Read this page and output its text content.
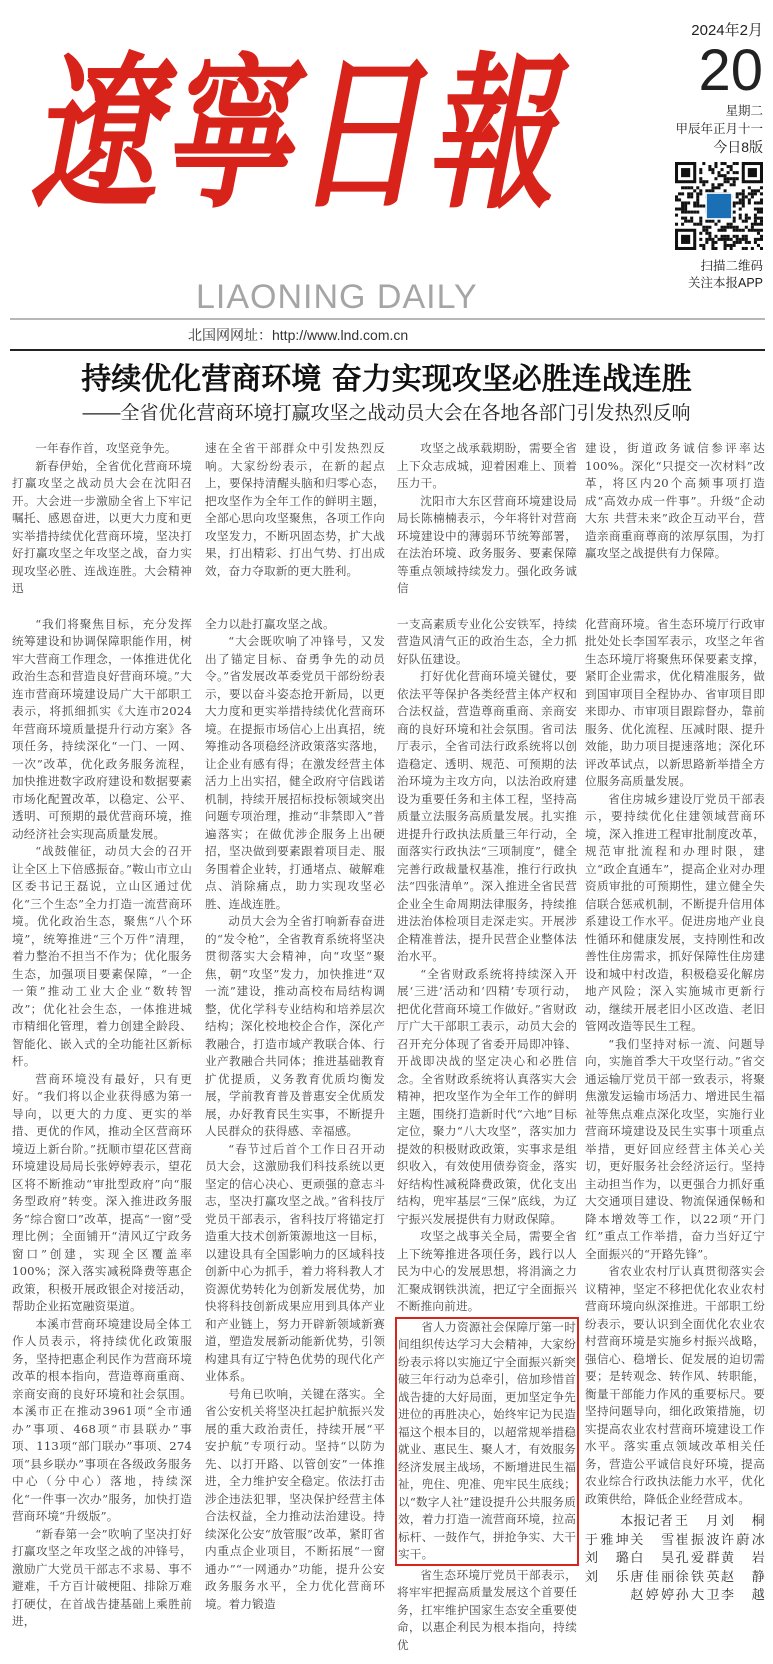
遼寧日報
LIAONING DAILY
2024年2月
20
星期二
甲辰年正月十一
今日8版
扫描二维码
关注本报APP
北国网网址：http://www.lnd.com.cn
持续优化营商环境 奋力实现攻坚必胜连战连胜
——全省优化营商环境打赢攻坚之战动员大会在各地各部门引发热烈反响

一年春作首，攻坚竞争先。

新春伊始，全省优化营商环境打赢攻坚之战动员大会在沈阳召开。大会进一步激励全省上下牢记嘱托、感恩奋进，以更大力度和更实举措持续优化营商环境，坚决打好打赢攻坚之年攻坚之战，奋力实现攻坚必胜、连战连胜。大会精神迅

速在全省干部群众中引发热烈反响。大家纷纷表示，在新的起点上，要保持清醒头脑和归零心态，把攻坚作为全年工作的鲜明主题，全部心思向攻坚聚焦，各项工作向攻坚发力，不断巩固态势，扩大战果，打出精彩、打出气势、打出成效，奋力夺取新的更大胜利。

攻坚之战承载期盼，需要全省上下众志成城，迎着困难上、顶着压力干。

沈阳市大东区营商环境建设局局长陈楠楠表示，今年将针对营商环境建设中的薄弱环节统筹部署，在法治环境、政务服务、要素保障等重点领域持续发力。强化政务诚信

建设，街道政务诚信参评率达100%。深化“只提交一次材料”改革，将区内20个高频事项打造成“高效办成一件事”。升级“企动大东 共营未来”政企互动平台，营造亲商重商尊商的浓厚氛围，为打赢攻坚之战提供有力保障。

“我们将聚焦目标，充分发挥统筹建设和协调保障职能作用，树牢大营商工作理念，一体推进优化政治生态和营造良好营商环境。”大连市营商环境建设局广大干部职工表示，将抓细抓实《大连市2024年营商环境质量提升行动方案》各项任务，持续深化“一门、一网、一次”改革，优化政务服务流程，加快推进数字政府建设和数据要素市场化配置改革，以稳定、公平、透明、可预期的最优营商环境，推动经济社会实现高质量发展。

“战鼓催征，动员大会的召开让全区上下倍感振奋。”鞍山市立山区委书记王磊说，立山区通过优化“三个生态”全力打造一流营商环境。优化政治生态，聚焦“八个环境”，统筹推进“三个万件”清理，着力整治不担当不作为；优化服务生态，加强项目要素保障，“一企一策”推动工业大企业“数转智改”；优化社会生态，一体推进城市精细化管理，着力创建全龄段、智能化、嵌入式的全功能社区新标杆。

营商环境没有最好，只有更好。“我们将以企业获得感为第一导向，以更大的力度、更实的举措、更优的作风，推动全区营商环境迈上新台阶。”抚顺市望花区营商环境建设局局长张婷婷表示，望花区将不断推动“审批型政府”向“服务型政府”转变。深入推进政务服务“综合窗口”改革，提高“一窗”受理比例；全面铺开“清风辽宁政务窗口”创建，实现全区覆盖率100%；深入落实减税降费等惠企政策，积极开展政银企对接活动，帮助企业拓宽融资渠道。

本溪市营商环境建设局全体工作人员表示，将持续优化政策服务，坚持把惠企利民作为营商环境改革的根本指向，营造尊商重商、亲商安商的良好环境和社会氛围。本溪市正在推动3961项“全市通办”事项、468项“市县联办”事项、113项“部门联办”事项、274项“县乡联办”事项在各级政务服务中心（分中心）落地，持续深化“一件事一次办”服务，加快打造营商环境“升级版”。

“新春第一会”吹响了坚决打好打赢攻坚之年攻坚之战的冲锋号，激励广大党员干部志不求易、事不避难，千方百计破梗阻、排除万难打硬仗，在首战告捷基础上乘胜前进，

全力以赴打赢攻坚之战。

“大会既吹响了冲锋号，又发出了锚定目标、奋勇争先的动员令。”省发展改革委党员干部纷纷表示，要以奋斗姿态抢开新局，以更大力度和更实举措持续优化营商环境。在提振市场信心上出真招，统筹推动各项稳经济政策落实落地，让企业有感有得；在激发经营主体活力上出实招，健全政府守信践诺机制，持续开展招标投标领域突出问题专项治理，推动“非禁即入”普遍落实；在做优涉企服务上出硬招，坚决做到要素跟着项目走、服务围着企业转，打通堵点、破解难点、消除痛点，助力实现攻坚必胜、连战连胜。

动员大会为全省打响新春奋进的“发令枪”，全省教育系统将坚决贯彻落实大会精神，向“攻坚”聚焦，朝“攻坚”发力，加快推进“双一流”建设，推动高校布局结构调整，优化学科专业结构和培养层次结构；深化校地校企合作，深化产教融合，打造市域产教联合体、行业产教融合共同体；推进基础教育扩优提质，义务教育优质均衡发展，学前教育普及普惠安全优质发展，办好教育民生实事，不断提升人民群众的获得感、幸福感。

“春节过后首个工作日召开动员大会，这激励我们科技系统以更坚定的信心决心、更顽强的意志斗志，坚决打赢攻坚之战。”省科技厅党员干部表示，省科技厅将锚定打造重大技术创新策源地这一目标，以建设具有全国影响力的区域科技创新中心为抓手，着力将科教人才资源优势转化为创新发展优势，加快将科技创新成果应用到具体产业和产业链上，努力开辟新领域新赛道，塑造发展新动能新优势，引领构建具有辽宁特色优势的现代化产业体系。

号角已吹响，关键在落实。全省公安机关将坚决扛起护航振兴发展的重大政治责任，持续开展“平安护航”专项行动。坚持“以防为先、以打开路、以管创安”一体推进，全力维护安全稳定。依法打击涉企违法犯罪，坚决保护经营主体合法权益，全力推动法治建设。持续深化公安“放管服”改革，紧盯省内重点企业项目，不断拓展“一窗通办”“一网通办”功能，提升公安政务服务水平，全力优化营商环境。着力锻造

一支高素质专业化公安铁军，持续营造风清气正的政治生态，全力抓好队伍建设。

打好优化营商环境关键仗，要依法平等保护各类经营主体产权和合法权益，营造尊商重商、亲商安商的良好环境和社会氛围。省司法厅表示，全省司法行政系统将以创造稳定、透明、规范、可预期的法治环境为主攻方向，以法治政府建设为重要任务和主体工程，坚持高质量立法服务高质量发展。扎实推进提升行政执法质量三年行动，全面落实行政执法“三项制度”，健全完善行政裁量权基准，推行行政执法“四张清单”。深入推进全省民营企业全生命周期法律服务，持续推进法治体检项目走深走实。开展涉企精准普法，提升民营企业整体法治水平。

“全省财政系统将持续深入开展‘三进’活动和‘四精’专项行动，把优化营商环境工作做好。”省财政厅广大干部职工表示，动员大会的召开充分体现了省委开局即冲锋、开战即决战的坚定决心和必胜信念。全省财政系统将认真落实大会精神，把攻坚作为全年工作的鲜明主题，围绕打造新时代“六地”目标定位，聚力“八大攻坚”，落实加力提效的积极财政政策，实事求是组织收入，有效使用债券资金，落实好结构性减税降费政策，优化支出结构，兜牢基层“三保”底线，为辽宁振兴发展提供有力财政保障。

攻坚之战事关全局，需要全省上下统筹推进各项任务，践行以人民为中心的发展思想，将涓滴之力汇聚成钢铁洪流，把辽宁全面振兴不断推向前进。

省人力资源社会保障厅第一时间组织传达学习大会精神，大家纷纷表示将以实施辽宁全面振兴新突破三年行动为总牵引，倍加珍惜首战告捷的大好局面，更加坚定争先进位的再胜决心，始终牢记为民造福这个根本目的，以超常规举措稳就业、惠民生、聚人才，有效服务经济发展主战场，不断增进民生福祉，兜住、兜准、兜牢民生底线；以“数字人社”建设提升公共服务质效，着力打造一流营商环境，拉高标杆、一鼓作气，拼抢争实、大干实干。

省生态环境厅党员干部表示，将牢牢把握高质量发展这个首要任务，扛牢维护国家生态安全重要使命，以惠企利民为根本指向，持续优

化营商环境。省生态环境厅行政审批处处长李国军表示，攻坚之年省生态环境厅将聚焦环保要素支撑，紧盯企业需求，优化精准服务，做到国审项目全程协办、省审项目即来即办、市审项目跟踪督办，靠前服务、优化流程、压减时限、提升效能，助力项目提速落地；深化环评改革试点，以新思路新举措全方位服务高质量发展。

省住房城乡建设厅党员干部表示，要持续优化住建领域营商环境，深入推进工程审批制度改革，规范审批流程和办理时限，建立“政企直通车”，提高企业对办理资质审批的可预期性，建立健全失信联合惩戒机制，不断提升信用体系建设工作水平。促进房地产业良性循环和健康发展，支持刚性和改善性住房需求，抓好保障性住房建设和城中村改造，积极稳妥化解房地产风险；深入实施城市更新行动，继续开展老旧小区改造、老旧管网改造等民生工程。

“我们坚持对标一流、问题导向，实施首季大干攻坚行动。”省交通运输厅党员干部一致表示，将聚焦激发运输市场活力、增进民生福祉等焦点难点深化攻坚，实施行业营商环境建设及民生实事十项重点举措，更好回应经营主体关心关切，更好服务社会经济运行。坚持主动担当作为，以更强合力抓好重大交通项目建设、物流保通保畅和降本增效等工作，以22项“开门红”重点工作举措，奋力当好辽宁全面振兴的“开路先锋”。

省农业农村厅认真贯彻落实会议精神，坚定不移把优化农业农村营商环境向纵深推进。干部职工纷纷表示，要认识到全面优化农业农村营商环境是实施乡村振兴战略，强信心、稳增长、促发展的迫切需要；是转观念、转作风、转职能，衡量干部能力作风的重要标尺。要坚持问题导向，细化政策措施，切实提高农业农村营商环境建设工作水平。落实重点领域改革相关任务，营造公平诚信良好环境，提高农业综合行政执法能力水平，优化政策供给，降低企业经营成本。

本报记者 王月 刘桐
于雅坤 关雪 崔振波 许蔚冰
刘璐 白昊 孔爱群 黄岩
刘乐 唐佳丽 徐铁英 赵静
赵婷婷 孙大卫 李越
